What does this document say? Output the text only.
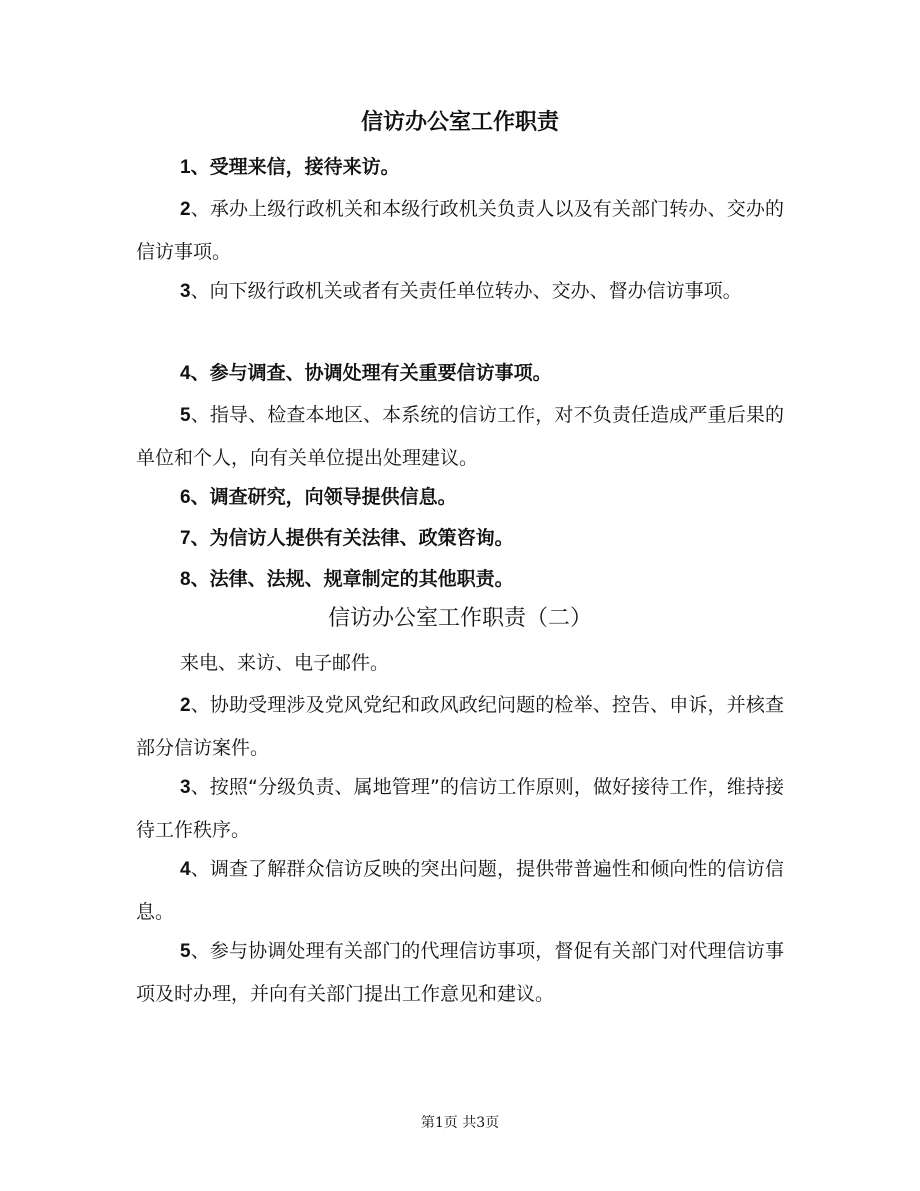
信访办公室工作职责

1、受理来信，接待来访。

2、承办上级行政机关和本级行政机关负责人以及有关部门转办、交办的信访事项。

3、向下级行政机关或者有关责任单位转办、交办、督办信访事项。

4、参与调查、协调处理有关重要信访事项。

5、指导、检查本地区、本系统的信访工作，对不负责任造成严重后果的单位和个人，向有关单位提出处理建议。

6、调查研究，向领导提供信息。

7、为信访人提供有关法律、政策咨询。

8、法律、法规、规章制定的其他职责。

信访办公室工作职责（二）

来电、来访、电子邮件。

2、协助受理涉及党风党纪和政风政纪问题的检举、控告、申诉，并核查部分信访案件。

3、按照“分级负责、属地管理”的信访工作原则，做好接待工作，维持接待工作秩序。

4、调查了解群众信访反映的突出问题，提供带普遍性和倾向性的信访信息。

5、参与协调处理有关部门的代理信访事项，督促有关部门对代理信访事项及时办理，并向有关部门提出工作意见和建议。

第1页 共3页
